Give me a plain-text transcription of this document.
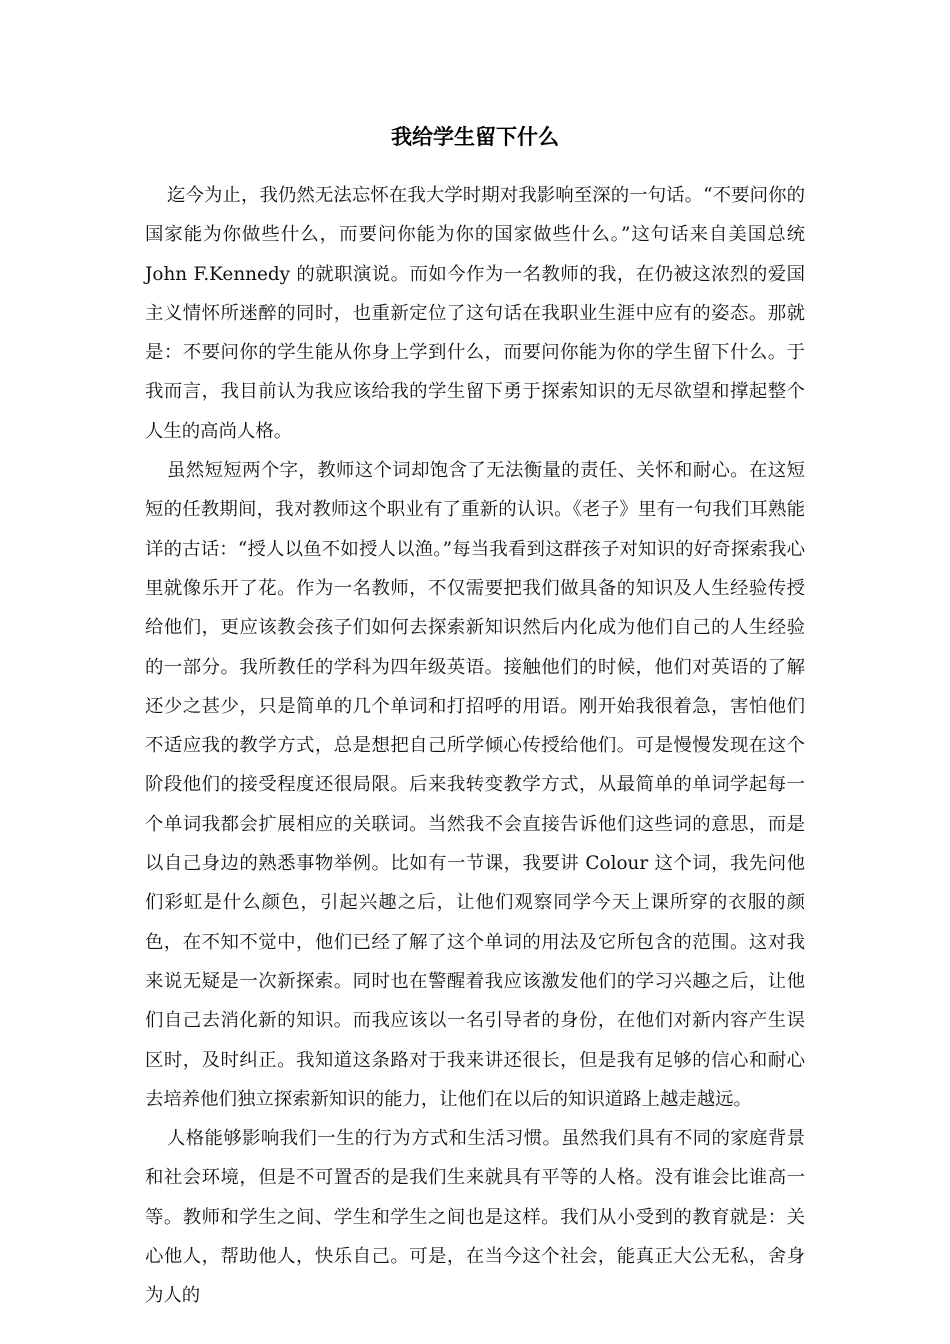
我给学生留下什么

迄今为止，我仍然无法忘怀在我大学时期对我影响至深的一句话。“不要问你的国家能为你做些什么，而要问你能为你的国家做些什么。”这句话来自美国总统 John F.Kennedy 的就职演说。而如今作为一名教师的我，在仍被这浓烈的爱国主义情怀所迷醉的同时，也重新定位了这句话在我职业生涯中应有的姿态。那就是：不要问你的学生能从你身上学到什么，而要问你能为你的学生留下什么。于我而言，我目前认为我应该给我的学生留下勇于探索知识的无尽欲望和撑起整个人生的高尚人格。

虽然短短两个字，教师这个词却饱含了无法衡量的责任、关怀和耐心。在这短短的任教期间，我对教师这个职业有了重新的认识。《老子》里有一句我们耳熟能详的古话：“授人以鱼不如授人以渔。”每当我看到这群孩子对知识的好奇探索我心里就像乐开了花。作为一名教师，不仅需要把我们做具备的知识及人生经验传授给他们，更应该教会孩子们如何去探索新知识然后内化成为他们自己的人生经验的一部分。我所教任的学科为四年级英语。接触他们的时候，他们对英语的了解还少之甚少，只是简单的几个单词和打招呼的用语。刚开始我很着急，害怕他们不适应我的教学方式，总是想把自己所学倾心传授给他们。可是慢慢发现在这个阶段他们的接受程度还很局限。后来我转变教学方式，从最简单的单词学起每一个单词我都会扩展相应的关联词。当然我不会直接告诉他们这些词的意思，而是以自己身边的熟悉事物举例。比如有一节课，我要讲 Colour 这个词，我先问他们彩虹是什么颜色，引起兴趣之后，让他们观察同学今天上课所穿的衣服的颜色，在不知不觉中，他们已经了解了这个单词的用法及它所包含的范围。这对我来说无疑是一次新探索。同时也在警醒着我应该激发他们的学习兴趣之后，让他们自己去消化新的知识。而我应该以一名引导者的身份，在他们对新内容产生误区时，及时纠正。我知道这条路对于我来讲还很长，但是我有足够的信心和耐心去培养他们独立探索新知识的能力，让他们在以后的知识道路上越走越远。

人格能够影响我们一生的行为方式和生活习惯。虽然我们具有不同的家庭背景和社会环境，但是不可置否的是我们生来就具有平等的人格。没有谁会比谁高一等。教师和学生之间、学生和学生之间也是这样。我们从小受到的教育就是：关心他人，帮助他人，快乐自己。可是，在当今这个社会，能真正大公无私，舍身为人的
